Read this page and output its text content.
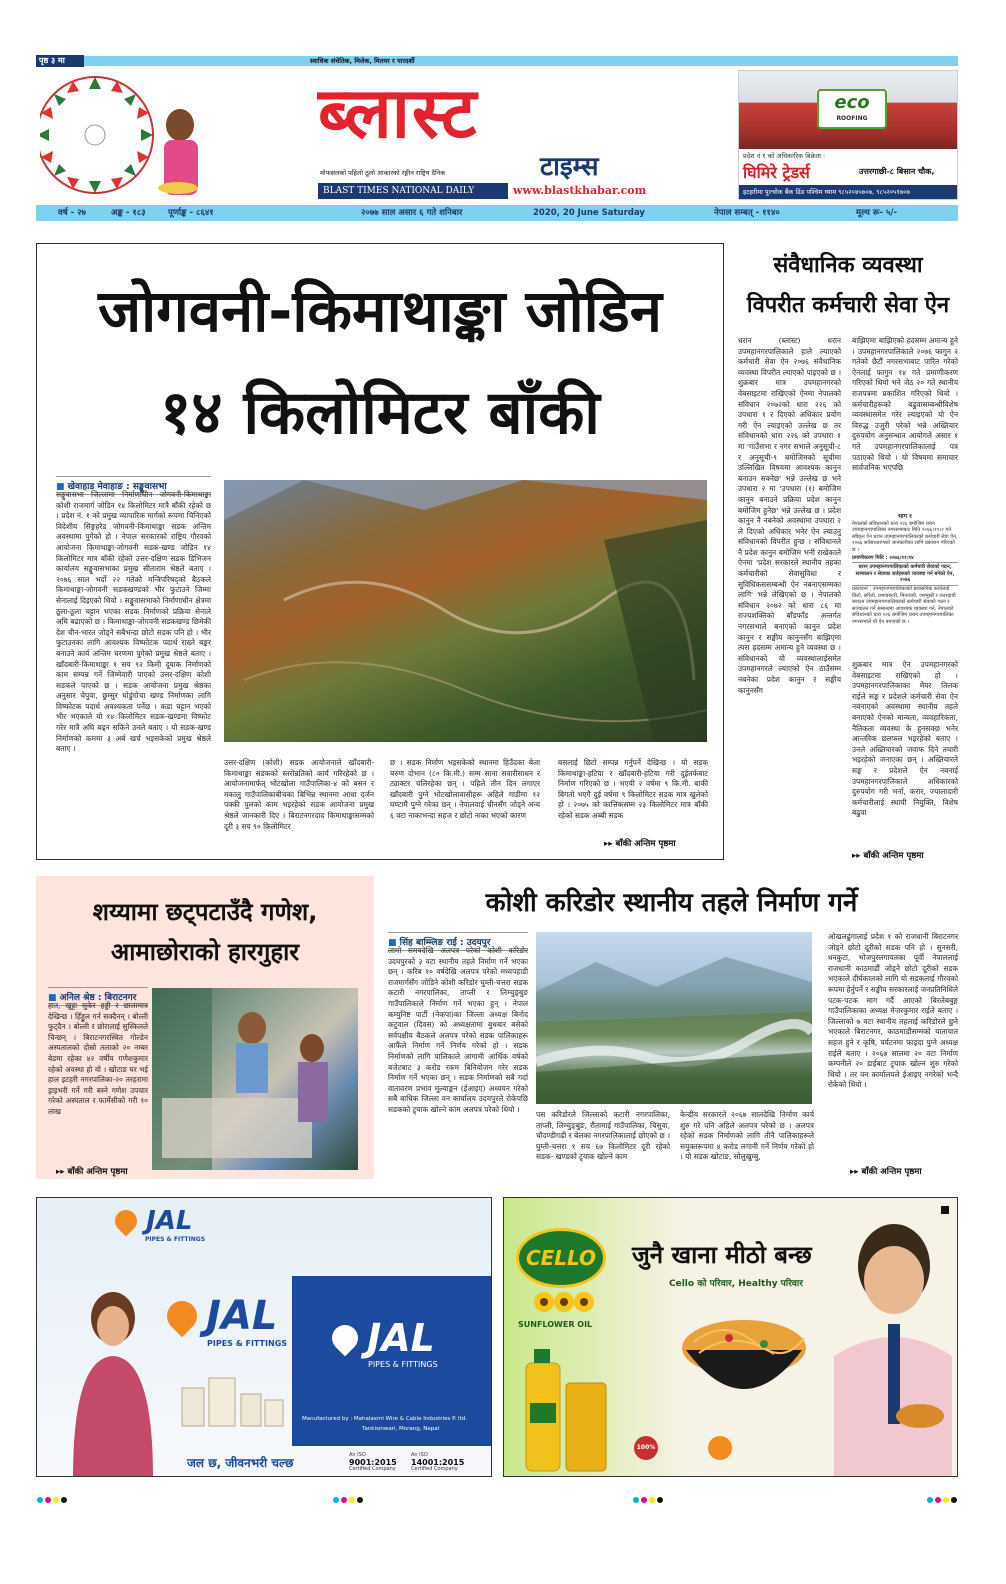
पृष्ठ ३ मा	स्वाधिक संचेतिक, मिलेक, मितयर र पारदर्शी
ब्लास्ट
टाइम्स
मोफसलको पहिलो ठूलो आकारको रङ्गीन राष्ट्रिय दैनिक
BLAST TIMES NATIONAL DAILY	www.blastkhabar.com
eco
ROOFING
प्रदेश नं १ को अधिकारिक बिक्रेता :
घिमिरे ट्रेडर्स	उत्तरगाछी-८ बिसान चौक,
इटहरीमा पुल्चोक बैंक ढिंड पश्चिम घ्याम ९८५२०४५७०७, ९८५२०५१७०७
वर्ष - २७	अङ्क - १८३	पूर्णाङ्क - ८६४१	२०७७ साल असार ६ गते शनिबार	2020, 20 June Saturday	नेपाल सम्बत् - ११४०	मूल्य रू- ५/-
जोगवनी-किमाथाङ्का जोडिन
१४ किलोमिटर बाँकी
■ खेवाहाड मेवाहाङ : सङ्खुवासभा
सङ्खुवासभा जिल्लामा निर्माणाधीन जोगवनी-किमाथाङ्का कोशी राजमार्ग जोडिन १४ किलोमिटर मात्रै बाँकी रहेको छ । प्रदेश नं. १ को प्रमुख व्यापारिक मार्गको रूपमा चिनिएको विदेशीय सिङ्गहरेड जोगवनी-किमाथाङ्का सडक अन्तिम अवस्थामा पुगेको हो । नेपाल सरकारको राष्ट्रिय गौरवको आयोजना किमाथाङ्का-जोगवनी सडक-खण्ड जोडिन १४ किलोमिटर मात्र बाँकी रहेको उत्तर-दक्षिण सडक डिभिजन कार्यालय सङ्खुवासभाका प्रमुख सीताराम श्रेष्ठले बताए । २०७६ साल भर्दो २२ गतेको मन्त्रिपरिषद्को बैठकले किमाथाङ्का-जोगवनी सडकखण्डको भीर फुटाउने जिम्मा सेनालाई दिइएको थियो । सङ्खुवासभाको निर्माणाधीन क्षेत्रमा ठूला-ठूला चट्टान भएका सडक निर्माणको प्रक्रिया सेनाले अघि बढाएको छ । किमाथाङ्का-जोगवनी सडकखण्ड छिमेकी देश चीन-भारत जोड्ने सबैभन्दा छोटो सडक पनि हो । भीर फुटाउनका लागि आवश्यक विष्फोटक पदार्थ राख्ने बङ्कर बनाउने कार्य अन्तिम चरणमा पुगेको प्रमुख श्रेष्ठले बताए । खाँदबारी-किमाथाङ्का १ सय ९२ किमी दूयाक निर्माणको काम सम्पन्न गर्ने जिम्मेवारी पाएको उत्तर-दक्षिण कोशी सडकले पाएको छ । सडक आयोजना प्रमुख श्रेष्ठका अनुसार चेपुवा, छुम्सुर घोडुंगोचा खण्ड निर्माणका लागि विष्फोटक पदार्थ अवश्यकता पर्नेछ । कडा चट्टान भएको भीर भएकाले यो १४ किलोमिटर सडक-खण्डमा विष्फोट गरेर मात्रै अघि बढ्न सकिने उनले बताए । यो सडक-खण्ड निर्माणको कममा ३ अर्ब खर्च भइसकेको प्रमुख श्रेष्ठले बताए ।
तस्बीर : खेवाहाड लिम्बु
उत्तर-दक्षिण (कोशी) सडक आयोजनाले खाँदबारी-किमाथाङ्का सडकको स्तरोन्नतिको कार्य गरिरहेको छ । आयोजनामार्फत् भोटखोला गाउँपालिका-४ को बसन र मकालु गाउँपालिकाबीचका बिभिन्न स्थानमा आधा दर्जन पक्की पुलको काम भइरहेको सडक आयोजना प्रमुख श्रेष्ठले जानकारी दिए । बिराटनगरदाद किमाथाङ्कासम्मको दूरी ३ सय ९० किलोमिटर
छ । सडक निर्माण भइसकेको स्थानमा हिउँदका बेला बरुण दोभान (८० कि.मी.) सम्म साना सवारीसाधन र ट्याक्टर चलिरहेका छन् । पहिले तीन दिन लगाएर खाँदबारी पुग्ने भोटखोलावासीहरू अहिले गाडीमा १२ घण्टामै पुग्ने गरेका छन् । नेपालवाई चीनसँग जोड्ने अन्य ६ वटा नाकाभन्दा सहज र छोटो नाका भएको कारण
बसलाई छिटो सम्पन्न गर्नुपर्ने देखिन्छ । यो सडक किमाथाङ्का-हटिया र खाँदबारी-हटिया गरी दुईतर्फबाट निर्माण गरिएको छ । भएयी २ वर्षमा ९ कि.मी. बाकी बिगतो भएगै दुई वर्षमा ९ किलोमिटर सडक मात्र खुलेको हो । २०७५ को कात्तिकसम्म २३ किलोमिटर मात्र बाँकी रहेको सडक अब्बी सडक
▸▸ बाँकी अन्तिम पृष्ठमा
संवैधानिक व्यवस्था
विपरीत कर्मचारी सेवा ऐन
धरान (ब्लास्ट) धरान उपमहानगरपालिकाले हाले ल्याएको कर्मचारी सेवा ऐन २०७६ संवैधानिक व्यवस्था विपरीत ल्याएको पाइएको छ । शुक्रबार मात्र उपमहानगरको वेबसाइटमा राखिएको ऐनमा नेपालको संविधान २०७२को धारा २२६ को उपधारा १ र दिएको अधिकार प्रयोग गरी ऐन ल्याइएको उल्लेख छ तर संविधानको धारा २२६ को उपधारा १ मा 'गाउँसभा र नगर सभाले अनुसूची-८ र अनुसूची-९ बमोजिमको सूचीमा उल्लिखित विषयमा आवश्यक कानुन बनाउन सक्नेछ' भन्ने उल्लेख छ भने उपधारा २ मा 'उपधारा (१) बमोजिम कानुन बनाउने प्रक्रिया प्रदेश कानुन बमोजिम हुनेछ' भन्ने उल्लेख छ । प्रदेश कानुन नै नबनेको अवस्थामा उपधारा २ ले दिएको अधिकार भनेर ऐन ल्याउनु संविधानको विपरीत हुन्छ । संविधानले नै प्रदेश कानुन बमोजिम भनी राखेकाले ऐनमा 'प्रदेश सरकारले स्थानीय तहका कर्मचारीको सेवासुविधा र सुविधिकससम्बन्धी ऐन नबनाएसम्मका लागि' भन्ने लेखिएको छ । नेपालको संविधान २०७२ को धारा ८६ मा राज्यशक्तिको बाँडफाँड अन्तर्गत नगरसभाले बनाएको कानुन प्रदेश कानुन र सङ्घीय कानुनसँग बाझिएमा त्यस हदसम्म अमान्य हुने व्यवस्था छ । संविधानको यो व्यवस्थालाईसमेत उपमहानगरले ल्याएको ऐन ठाउँसम्म नबनेका प्रदेश कानुन र सङ्घीय कानुनसँग
बाझिएमा बाझिएको हदसम्म अमान्य हुने । उपमहानगरपालिकाले २०७६ फागुन २ गतेको छैटौं नगरसभाबाट पारित गरेको ऐनलाई फागुन १४ गते प्रमाणीकरण गरिएको थियो भने जेठ २० गते स्थानीय राजपत्रमा प्रकाशित गरिएको थियो । कर्मचारीहरूको बढुवासम्बन्धीविशेष व्यवस्थासमेत गरेर ल्याइएको यो ऐन विरुद्ध उजुरी परेको भन्ने अख्तियार दुरुपयोग अनुसन्धान आयोगले असार १ गते उपमहानगरपालिकालाई पत्र पठाएको थियो । यो विषयमा समाचार सार्वजनिक भएपछि
भाग १
नेपालको संविधानको धारा २२६ बमोजिम धरान उपमहानगरपालिका नगरसभाबाट मिति २०७६।११।२ गते स्वीकृत ऐन धरान उपमहानगरपालिकाको कर्मचारी सेवा ऐन, २०७६ सर्वसाधारणको जानकारीका लागि प्रकाशन गरिएको छ ।
प्रमाणीकरण मिति : २०७६।११।१४
धरान उपमहानगरपालिकाको कर्मचारी सेवाको गठन, सञ्चालन र सेवाका शर्तहरूको व्यवस्था गर्न बनेको ऐन, २०७६
प्रस्तावना : उपमहानगरपालिकाको प्रशासनिक कार्यलाई छिटो, छरितो, प्रभावकारी, मितव्ययी, जनमुखी र उत्तरदायी बनाउन उपमहानगरपालिकाको कर्मचारी सेवाको गठन र सञ्चालन गर्ने सम्बन्धमा आवश्यक व्यवस्था गर्न, नेपालको संविधानको धारा २२६ बमोजिम धरान उपमहानगरपालिका नगरसभाले यो ऐन बनाएको छ ।
शुक्रबार मात्र ऐन उपमहानगरको वेबसाइटमा राखिएको हो । उपमहानगरपालिकाका मेयर तिलक राईले सङ्घ र प्रदेशले कर्मचारी सेवा ऐन नबनाएको अवस्थामा स्थानीय तहले बनाएको ऐनको मान्यता, व्यवहारिकता, नैतिकता व्यवस्था के हुनसक्छ भनेर आन्तरिक छलफल भइरहेको बताए । उनले अख्तियारको जवाफ दिने तयारी भइरहेको जनाएका छन् । अख्तियारले सङ्घ र प्रदेशले ऐन नबनाई उपमहानगरपालिकाले अधिकारको दुरुपयोग गरी भर्ना, करार, ज्यालादारी कर्मचारीलाई स्थायी नियुक्ति, विशेष बढुवा
▸▸ बाँकी अन्तिम पृष्ठमा
शय्यामा छट्पटाउँदै गणेश,
आमाछोराको हारगुहार
■ अनिल श्रेष्ठ : बिराटनगर
हात, खुट्टा सुकेर हड्डी र छालामात्र देखिन्छ । हिँड्डुल गर्न सक्दैनन् । बोल्ती फुट्दैन । बोल्ती र छोरालाई सुस्किलले चिन्छन् । बिराटनगरस्थित गोल्डेन अस्पतालको दोस्रो तलाको २० नम्बर बेडमा रहेका ४२ वर्षीय गणेशकुमार रहेको अवस्था हो यो । खोटाङ घर भई हाल इटहरी नगरपालिका-२० तरहरामा ड्राइभरी गर्ने गरी बस्ने गणेश उपचार गरेको अस्पताल र फार्मेसीको गरी १० लाख
▸▸ बाँकी अन्तिम पृष्ठमा
कोशी करिडोर स्थानीय तहले निर्माण गर्ने
■ सिंह बाम्म्लिङ राई : उदयपुर
लामो समयदेखि अलपत्र परेको कोशी करिडोर उदयपुरको ३ वटा स्थानीय तहले निर्माण गर्ने भएका छन् । करिब १० वर्षदेखि अलपत्र परेको मध्यपहाडी राजमार्गसँग जोडिने कोशी करिडोर घुम्ती-चत्तरा सडक कटारी नगरपालिका, ताप्ली र लिम्चुङ्बुङ गाउँपालिकाले निर्माण गर्ने भएका हुन् । नेपाल कम्युनिष्ट पार्टी (नेकपा)का जिल्ला अध्यक्ष बिनोद कटुवाल (दिवस) को अध्यक्षतामा बुधबार बसेको सर्वपक्षीय बैठकले अलपत्र परेको सडक पालिकाहरू आफैंले निर्माण गर्ने निर्णय गरेको हो । सडक निर्माणको लागि पालिकाले आगामी आर्थिक वर्षको बजेटबाट ३ करोड रकम बिनियोजन गरेर सडक निर्माण गर्ने भएका छन् । सडक निर्माणको सबै गर्दा वातावरण प्रभाव मूल्याङ्कन (ईआइए) अध्ययन गरेको सबै बाधिक जिल्ला वन कार्यालय उदयपुरले रोकेपछि सडकको ट्र्याक खोल्ने काम अलपत्र परेको थियो ।
पस करिडोरले जिल्लाको कटारी नगरपालिका, ताप्ली, लिम्चुङ्बुङ, रौतामाई गाउँपालिका, चिसुवा, चौदण्डीगढी र बेलका नगरपालिकालाई छोएको छ । घुम्ती-चत्तरा १ सय ६७ किलोमिटर दूरी रहेको सडक- खण्डको ट्र्याक खोल्ने काम
केन्द्रीय सरकारले २०६७ सालदेखि निर्माण कार्य शुरु गरे पनि अहिले अलपत्र परेको छ । अलपत्र रहेको सडक निर्माणको लागि तीनै पालिकाहरूले सयुक्तरूपमा ४ करोड लगानी गर्ने निर्णय गरेको हो । यो सडक खोटाङ, सोलुखुम्बु,
ओखलढुंगालाई प्रदेश १ को राजधानी बिराटनगर जोड्ने छोटो दूरीको सडक पनि हो । सुनसरी, धनकुटा, भोजपुरलगायतका पूर्वी नेपाललाई राजधानी काठमाडौं जोड्ने छोटो दूरीको सडक भएकाले दीर्घकालको लागि यो सडकलाई गौरवको रूपमा हेर्नुपर्ने र सङ्घीय सरकारलाई जनप्रतिनिधिले पटक-पटक माग गर्दै आएको बिरलेबबुङ्ग गाउँपालिकाका अध्यक्ष मेजरकुमार राईले बताए । जिल्लाको ७ वटा स्थानीय तहलाई करिडोरले छुने भएकाले बिराटनगर, काठमाडौंसम्मको यातायात सहज हुने र कृषि, पर्यटनमा फाइदा पुग्ने अध्यक्ष राईले बताए । २०६७ सालमा २० वटा निर्माण कम्पनीले २० डाईबाट ट्र्याक खोल्न शुरु गरेको थियो । तर वन कार्यालयले ईआइए नगरेको भन्दै रोकेको थियो ।
▸▸ बाँकी अन्तिम पृष्ठमा
JAL
PIPES & FITTINGS
JAL
PIPES & FITTINGS	JAL
PIPES & FITTINGS
Manufactured by : Mahalaxmi Wire & Cable Industries P. ltd.
Tankisinwari, Morang, Nepal
जल छ, जीवनभरी चल्छ
An ISO
9001:2015
Certified Company
An ISO
14001:2015
Certified Company
CELLO
SUNFLOWER OIL
जुनै खाना मीठो बन्छ
Cello को परिवार, Healthy परिवार
100%
